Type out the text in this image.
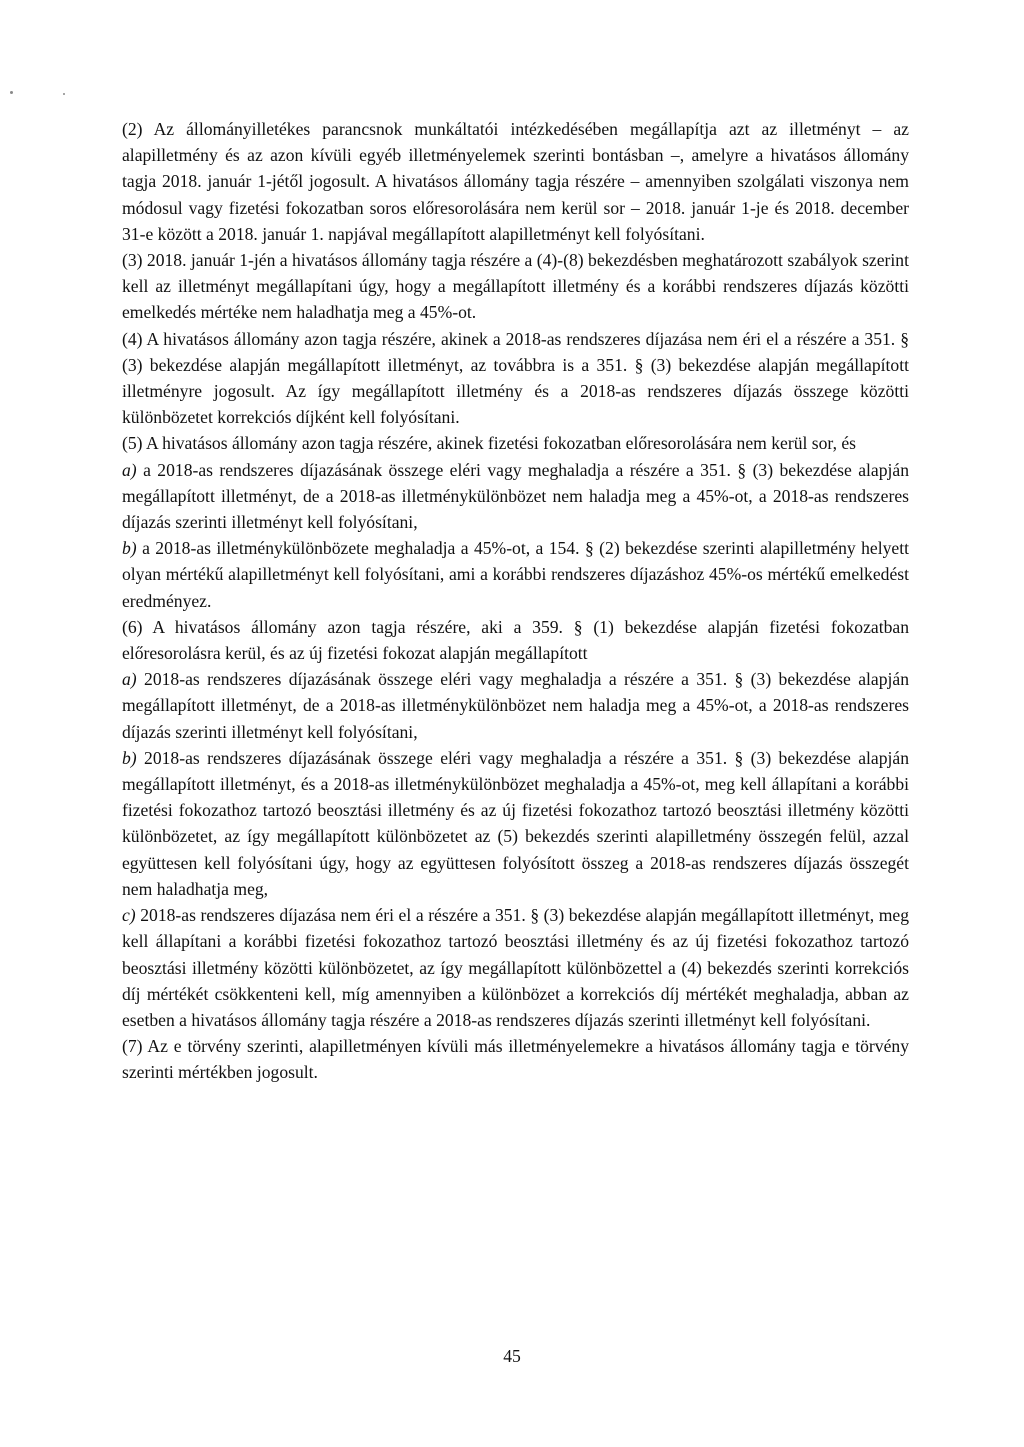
(2) Az állományilletékes parancsnok munkáltatói intézkedésében megállapítja azt az illetményt – az alapilletmény és az azon kívüli egyéb illetményelemek szerinti bontásban –, amelyre a hivatásos állomány tagja 2018. január 1-jétől jogosult. A hivatásos állomány tagja részére – amennyiben szolgálati viszonya nem módosul vagy fizetési fokozatban soros előresorolására nem kerül sor – 2018. január 1-je és 2018. december 31-e között a 2018. január 1. napjával megállapított alapilletményt kell folyósítani.

(3) 2018. január 1-jén a hivatásos állomány tagja részére a (4)-(8) bekezdésben meghatározott szabályok szerint kell az illetményt megállapítani úgy, hogy a megállapított illetmény és a korábbi rendszeres díjazás közötti emelkedés mértéke nem haladhatja meg a 45%-ot.

(4) A hivatásos állomány azon tagja részére, akinek a 2018-as rendszeres díjazása nem éri el a részére a 351. § (3) bekezdése alapján megállapított illetményt, az továbbra is a 351. § (3) bekezdése alapján megállapított illetményre jogosult. Az így megállapított illetmény és a 2018-as rendszeres díjazás összege közötti különbözetet korrekciós díjként kell folyósítani.

(5) A hivatásos állomány azon tagja részére, akinek fizetési fokozatban előresorolására nem kerül sor, és

a) a 2018-as rendszeres díjazásának összege eléri vagy meghaladja a részére a 351. § (3) bekezdése alapján megállapított illetményt, de a 2018-as illetménykülönbözet nem haladja meg a 45%-ot, a 2018-as rendszeres díjazás szerinti illetményt kell folyósítani,

b) a 2018-as illetménykülönbözete meghaladja a 45%-ot, a 154. § (2) bekezdése szerinti alapilletmény helyett olyan mértékű alapilletményt kell folyósítani, ami a korábbi rendszeres díjazáshoz 45%-os mértékű emelkedést eredményez.

(6) A hivatásos állomány azon tagja részére, aki a 359. § (1) bekezdése alapján fizetési fokozatban előresorolásra kerül, és az új fizetési fokozat alapján megállapított

a) 2018-as rendszeres díjazásának összege eléri vagy meghaladja a részére a 351. § (3) bekezdése alapján megállapított illetményt, de a 2018-as illetménykülönbözet nem haladja meg a 45%-ot, a 2018-as rendszeres díjazás szerinti illetményt kell folyósítani,

b) 2018-as rendszeres díjazásának összege eléri vagy meghaladja a részére a 351. § (3) bekezdése alapján megállapított illetményt, és a 2018-as illetménykülönbözet meghaladja a 45%-ot, meg kell állapítani a korábbi fizetési fokozathoz tartozó beosztási illetmény és az új fizetési fokozathoz tartozó beosztási illetmény közötti különbözetet, az így megállapított különbözetet az (5) bekezdés szerinti alapilletmény összegén felül, azzal együttesen kell folyósítani úgy, hogy az együttesen folyósított összeg a 2018-as rendszeres díjazás összegét nem haladhatja meg,

c) 2018-as rendszeres díjazása nem éri el a részére a 351. § (3) bekezdése alapján megállapított illetményt, meg kell állapítani a korábbi fizetési fokozathoz tartozó beosztási illetmény és az új fizetési fokozathoz tartozó beosztási illetmény közötti különbözetet, az így megállapított különbözettel a (4) bekezdés szerinti korrekciós díj mértékét csökkenteni kell, míg amennyiben a különbözet a korrekciós díj mértékét meghaladja, abban az esetben a hivatásos állomány tagja részére a 2018-as rendszeres díjazás szerinti illetményt kell folyósítani.

(7) Az e törvény szerinti, alapilletményen kívüli más illetményelemekre a hivatásos állomány tagja e törvény szerinti mértékben jogosult.

45
